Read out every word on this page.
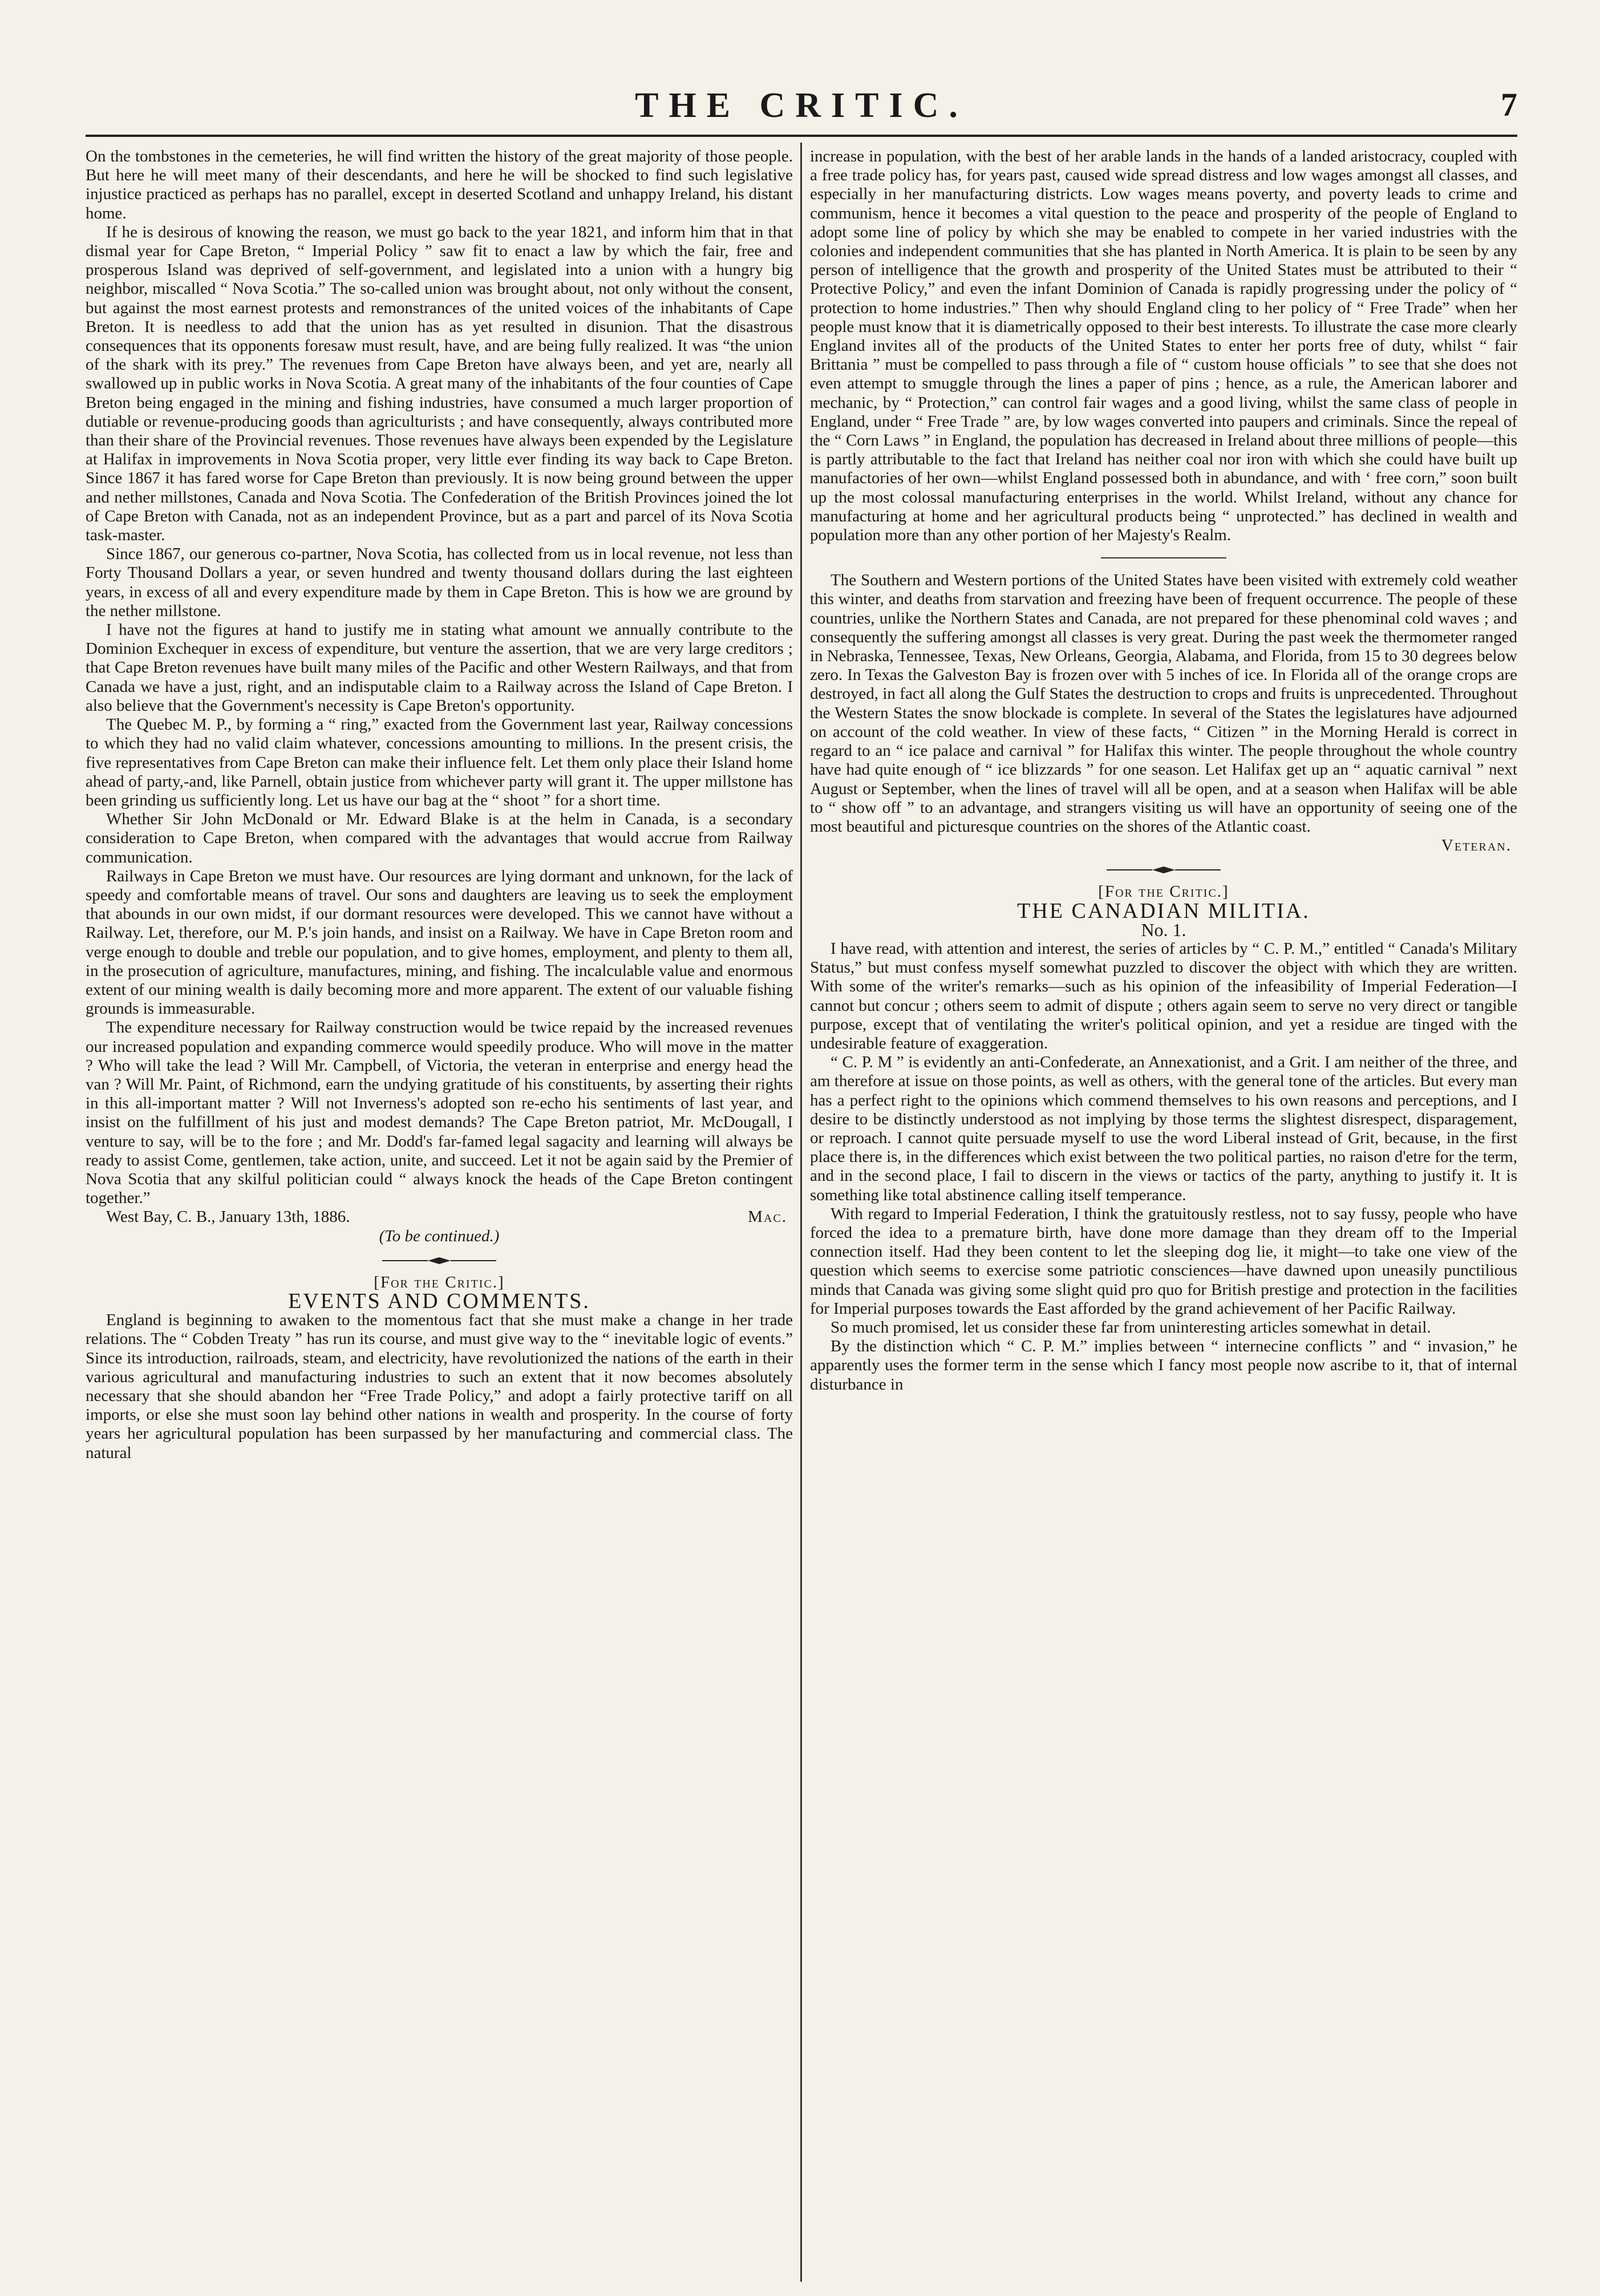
THE CRITIC.	7

On the tombstones in the cemeteries, he will find written the history of the great majority of those people. But here he will meet many of their descendants, and here he will be shocked to find such legislative injustice practiced as perhaps has no parallel, except in deserted Scotland and unhappy Ireland, his distant home.

If he is desirous of knowing the reason, we must go back to the year 1821, and inform him that in that dismal year for Cape Breton, “ Imperial Policy ” saw fit to enact a law by which the fair, free and prosperous Island was deprived of self-government, and legislated into a union with a hungry big neighbor, miscalled “ Nova Scotia.” The so-called union was brought about, not only without the consent, but against the most earnest protests and remonstrances of the united voices of the inhabitants of Cape Breton. It is needless to add that the union has as yet resulted in disunion. That the disastrous consequences that its opponents foresaw must result, have, and are being fully realized. It was “the union of the shark with its prey.” The revenues from Cape Breton have always been, and yet are, nearly all swallowed up in public works in Nova Scotia. A great many of the inhabitants of the four counties of Cape Breton being engaged in the mining and fishing industries, have consumed a much larger proportion of dutiable or revenue-producing goods than agriculturists ; and have consequently, always contributed more than their share of the Provincial revenues. Those revenues have always been expended by the Legislature at Halifax in improvements in Nova Scotia proper, very little ever finding its way back to Cape Breton. Since 1867 it has fared worse for Cape Breton than previously. It is now being ground between the upper and nether millstones, Canada and Nova Scotia. The Confederation of the British Provinces joined the lot of Cape Breton with Canada, not as an independent Province, but as a part and parcel of its Nova Scotia task-master.

Since 1867, our generous co-partner, Nova Scotia, has collected from us in local revenue, not less than Forty Thousand Dollars a year, or seven hundred and twenty thousand dollars during the last eighteen years, in excess of all and every expenditure made by them in Cape Breton. This is how we are ground by the nether millstone.

I have not the figures at hand to justify me in stating what amount we annually contribute to the Dominion Exchequer in excess of expenditure, but venture the assertion, that we are very large creditors ; that Cape Breton revenues have built many miles of the Pacific and other Western Railways, and that from Canada we have a just, right, and an indisputable claim to a Railway across the Island of Cape Breton. I also believe that the Government's necessity is Cape Breton's opportunity.

The Quebec M. P., by forming a “ ring,” exacted from the Government last year, Railway concessions to which they had no valid claim whatever, concessions amounting to millions. In the present crisis, the five representatives from Cape Breton can make their influence felt. Let them only place their Island home ahead of party,-and, like Parnell, obtain justice from whichever party will grant it. The upper millstone has been grinding us sufficiently long. Let us have our bag at the “ shoot ” for a short time.

Whether Sir John McDonald or Mr. Edward Blake is at the helm in Canada, is a secondary consideration to Cape Breton, when compared with the advantages that would accrue from Railway communication.

Railways in Cape Breton we must have. Our resources are lying dormant and unknown, for the lack of speedy and comfortable means of travel. Our sons and daughters are leaving us to seek the employment that abounds in our own midst, if our dormant resources were developed. This we cannot have without a Railway. Let, therefore, our M. P.'s join hands, and insist on a Railway. We have in Cape Breton room and verge enough to double and treble our population, and to give homes, employment, and plenty to them all, in the prosecution of agriculture, manufactures, mining, and fishing. The incalculable value and enormous extent of our mining wealth is daily becoming more and more apparent. The extent of our valuable fishing grounds is immeasurable.

The expenditure necessary for Railway construction would be twice repaid by the increased revenues our increased population and expanding commerce would speedily produce. Who will move in the matter ? Who will take the lead ? Will Mr. Campbell, of Victoria, the veteran in enterprise and energy head the van ? Will Mr. Paint, of Richmond, earn the undying gratitude of his constituents, by asserting their rights in this all-important matter ? Will not Inverness's adopted son re-echo his sentiments of last year, and insist on the fulfillment of his just and modest demands? The Cape Breton patriot, Mr. McDougall, I venture to say, will be to the fore ; and Mr. Dodd's far-famed legal sagacity and learning will always be ready to assist Come, gentlemen, take action, unite, and succeed. Let it not be again said by the Premier of Nova Scotia that any skilful politician could “ always knock the heads of the Cape Breton contingent together.”

West Bay, C. B., January 13th, 1886.	Mac.

(To be continued.)

[For the Critic.]

EVENTS AND COMMENTS.

England is beginning to awaken to the momentous fact that she must make a change in her trade relations. The “ Cobden Treaty ” has run its course, and must give way to the “ inevitable logic of events.” Since its introduction, railroads, steam, and electricity, have revolutionized the nations of the earth in their various agricultural and manufacturing industries to such an extent that it now becomes absolutely necessary that she should abandon her “Free Trade Policy,” and adopt a fairly protective tariff on all imports, or else she must soon lay behind other nations in wealth and prosperity. In the course of forty years her agricultural population has been surpassed by her manufacturing and commercial class. The natural

increase in population, with the best of her arable lands in the hands of a landed aristocracy, coupled with a free trade policy has, for years past, caused wide spread distress and low wages amongst all classes, and especially in her manufacturing districts. Low wages means poverty, and poverty leads to crime and communism, hence it becomes a vital question to the peace and prosperity of the people of England to adopt some line of policy by which she may be enabled to compete in her varied industries with the colonies and independent communities that she has planted in North America. It is plain to be seen by any person of intelligence that the growth and prosperity of the United States must be attributed to their “ Protective Policy,” and even the infant Dominion of Canada is rapidly progressing under the policy of “ protection to home industries.” Then why should England cling to her policy of “ Free Trade” when her people must know that it is diametrically opposed to their best interests. To illustrate the case more clearly England invites all of the products of the United States to enter her ports free of duty, whilst “ fair Brittania ” must be compelled to pass through a file of “ custom house officials ” to see that she does not even attempt to smuggle through the lines a paper of pins ; hence, as a rule, the American laborer and mechanic, by “ Protection,” can control fair wages and a good living, whilst the same class of people in England, under “ Free Trade ” are, by low wages converted into paupers and criminals. Since the repeal of the “ Corn Laws ” in England, the population has decreased in Ireland about three millions of people—this is partly attributable to the fact that Ireland has neither coal nor iron with which she could have built up manufactories of her own—whilst England possessed both in abundance, and with ‘ free corn,” soon built up the most colossal manufacturing enterprises in the world. Whilst Ireland, without any chance for manufacturing at home and her agricultural products being “ unprotected.” has declined in wealth and population more than any other portion of her Majesty's Realm.

The Southern and Western portions of the United States have been visited with extremely cold weather this winter, and deaths from starvation and freezing have been of frequent occurrence. The people of these countries, unlike the Northern States and Canada, are not prepared for these phenominal cold waves ; and consequently the suffering amongst all classes is very great. During the past week the thermometer ranged in Nebraska, Tennessee, Texas, New Orleans, Georgia, Alabama, and Florida, from 15 to 30 degrees below zero. In Texas the Galveston Bay is frozen over with 5 inches of ice. In Florida all of the orange crops are destroyed, in fact all along the Gulf States the destruction to crops and fruits is unprecedented. Throughout the Western States the snow blockade is complete. In several of the States the legislatures have adjourned on account of the cold weather. In view of these facts, “ Citizen ” in the Morning Herald is correct in regard to an “ ice palace and carnival ” for Halifax this winter. The people throughout the whole country have had quite enough of “ ice blizzards ” for one season. Let Halifax get up an “ aquatic carnival ” next August or September, when the lines of travel will all be open, and at a season when Halifax will be able to “ show off ” to an advantage, and strangers visiting us will have an opportunity of seeing one of the most beautiful and picturesque countries on the shores of the Atlantic coast.

Veteran.

[For the Critic.]

THE CANADIAN MILITIA.

No. 1.

I have read, with attention and interest, the series of articles by “ C. P. M.,” entitled “ Canada's Military Status,” but must confess myself somewhat puzzled to discover the object with which they are written. With some of the writer's remarks—such as his opinion of the infeasibility of Imperial Federation—I cannot but concur ; others seem to admit of dispute ; others again seem to serve no very direct or tangible purpose, except that of ventilating the writer's political opinion, and yet a residue are tinged with the undesirable feature of exaggeration.

“ C. P. M ” is evidently an anti-Confederate, an Annexationist, and a Grit. I am neither of the three, and am therefore at issue on those points, as well as others, with the general tone of the articles. But every man has a perfect right to the opinions which commend themselves to his own reasons and perceptions, and I desire to be distinctly understood as not implying by those terms the slightest disrespect, disparagement, or reproach. I cannot quite persuade myself to use the word Liberal instead of Grit, because, in the first place there is, in the differences which exist between the two political parties, no raison d'etre for the term, and in the second place, I fail to discern in the views or tactics of the party, anything to justify it. It is something like total abstinence calling itself temperance.

With regard to Imperial Federation, I think the gratuitously restless, not to say fussy, people who have forced the idea to a premature birth, have done more damage than they dream off to the Imperial connection itself. Had they been content to let the sleeping dog lie, it might—to take one view of the question which seems to exercise some patriotic consciences—have dawned upon uneasily punctilious minds that Canada was giving some slight quid pro quo for British prestige and protection in the facilities for Imperial purposes towards the East afforded by the grand achievement of her Pacific Railway.

So much promised, let us consider these far from uninteresting articles somewhat in detail.

By the distinction which “ C. P. M.” implies between “ internecine conflicts ” and “ invasion,” he apparently uses the former term in the sense which I fancy most people now ascribe to it, that of internal disturbance in
